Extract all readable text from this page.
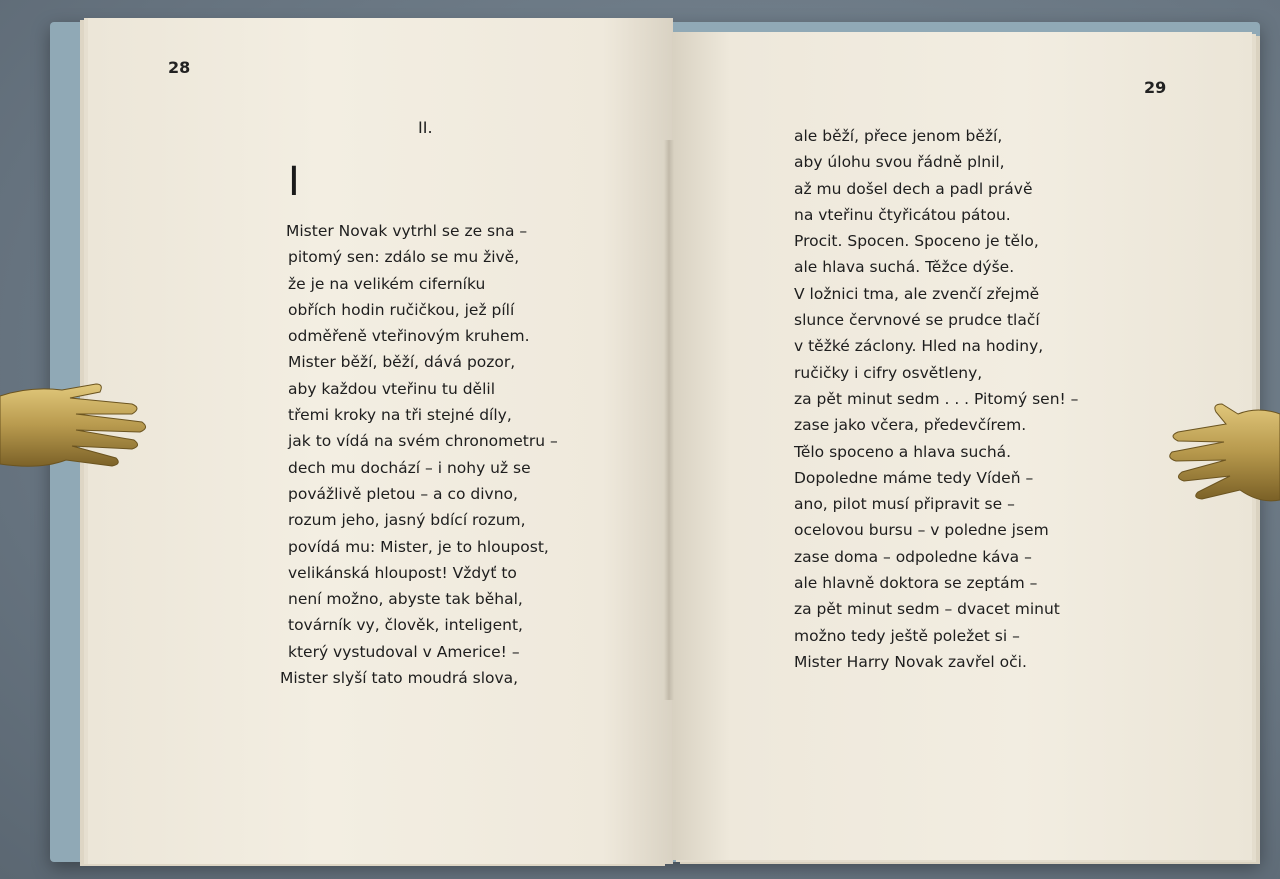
28
29
II.
I
Mister Novak vytrhl se ze sna –
pitomý sen: zdálo se mu živě,
že je na velikém ciferníku
obřích hodin ručičkou, jež pílí
odměřeně vteřinovým kruhem.
Mister běží, běží, dává pozor,
aby každou vteřinu tu dělil
třemi kroky na tři stejné díly,
jak to vídá na svém chronometru –
dech mu dochází – i nohy už se
povážlivě pletou – a co divno,
rozum jeho, jasný bdící rozum,
povídá mu: Mister, je to hloupost,
velikánská hloupost! Vždyť to
není možno, abyste tak běhal,
továrník vy, člověk, inteligent,
který vystudoval v Americe! –
Mister slyší tato moudrá slova,
ale běží, přece jenom běží,
aby úlohu svou řádně plnil,
až mu došel dech a padl právě
na vteřinu čtyřicátou pátou.
Procit. Spocen. Spoceno je tělo,
ale hlava suchá. Těžce dýše.
V ložnici tma, ale zvenčí zřejmě
slunce červnové se prudce tlačí
v těžké záclony. Hled na hodiny,
ručičky i cifry osvětleny,
za pět minut sedm . . . Pitomý sen! –
zase jako včera, předevčírem.
Tělo spoceno a hlava suchá.
Dopoledne máme tedy Vídeň –
ano, pilot musí připravit se –
ocelovou bursu – v poledne jsem
zase doma – odpoledne káva –
ale hlavně doktora se zeptám –
za pět minut sedm – dvacet minut
možno tedy ještě poležet si –
Mister Harry Novak zavřel oči.
